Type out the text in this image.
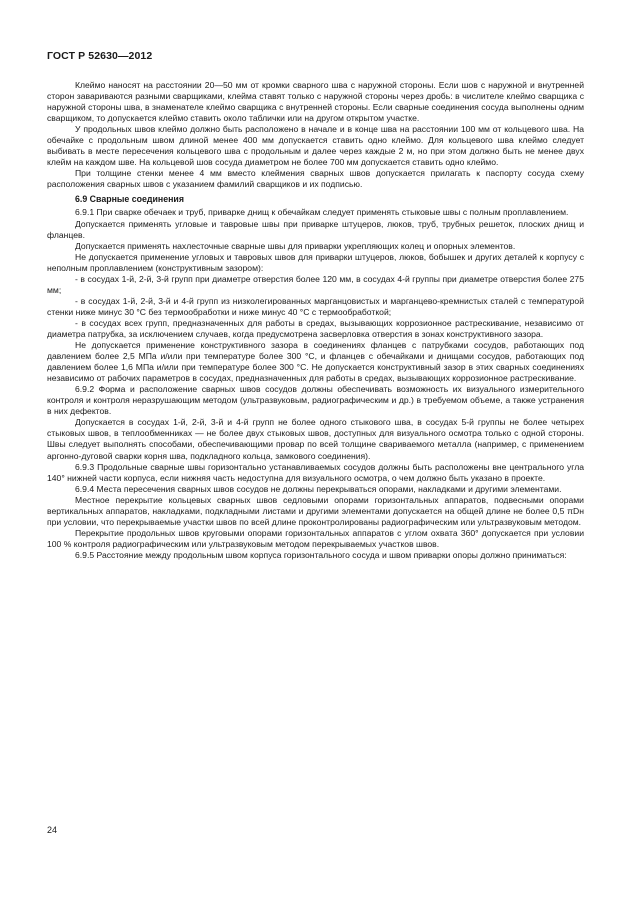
ГОСТ Р 52630—2012

Клеймо наносят на расстоянии 20—50 мм от кромки сварного шва с наружной стороны. Если шов с наружной и внутренней сторон завариваются разными сварщиками, клейма ставят только с наружной стороны через дробь: в числителе клеймо сварщика с наружной стороны шва, в знаменателе клеймо сварщика с внутренней стороны. Если сварные соединения сосуда выполнены одним сварщиком, то допускается клеймо ставить около таблички или на другом открытом участке.

У продольных швов клеймо должно быть расположено в начале и в конце шва на расстоянии 100 мм от кольцевого шва. На обечайке с продольным швом длиной менее 400 мм допускается ставить одно клеймо. Для кольцевого шва клеймо следует выбивать в месте пересечения кольцевого шва с продольным и далее через каждые 2 м, но при этом должно быть не менее двух клейм на каждом шве. На кольцевой шов сосуда диаметром не более 700 мм допускается ставить одно клеймо.

При толщине стенки менее 4 мм вместо клеймения сварных швов допускается прилагать к паспорту сосуда схему расположения сварных швов с указанием фамилий сварщиков и их подписью.

6.9 Сварные соединения

6.9.1 При сварке обечаек и труб, приварке днищ к обечайкам следует применять стыковые швы с полным проплавлением.

Допускается применять угловые и тавровые швы при приварке штуцеров, люков, труб, трубных решеток, плоских днищ и фланцев.

Допускается применять нахлесточные сварные швы для приварки укрепляющих колец и опорных элементов.

Не допускается применение угловых и тавровых швов для приварки штуцеров, люков, бобышек и других деталей к корпусу с неполным проплавлением (конструктивным зазором):

- в сосудах 1-й, 2-й, 3-й групп при диаметре отверстия более 120 мм, в сосудах 4-й группы при диаметре отверстия более 275 мм;

- в сосудах 1-й, 2-й, 3-й и 4-й групп из низколегированных марганцовистых и марганцево-кремнистых сталей с температурой стенки ниже минус 30 °С без термообработки и ниже минус 40 °С с термообработкой;

- в сосудах всех групп, предназначенных для работы в средах, вызывающих коррозионное растрескивание, независимо от диаметра патрубка, за исключением случаев, когда предусмотрена засверловка отверстия в зонах конструктивного зазора.

Не допускается применение конструктивного зазора в соединениях фланцев с патрубками сосудов, работающих под давлением более 2,5 МПа и/или при температуре более 300 °С, и фланцев с обечайками и днищами сосудов, работающих под давлением более 1,6 МПа и/или при температуре более 300 °С. Не допускается конструктивный зазор в этих сварных соединениях независимо от рабочих параметров в сосудах, предназначенных для работы в средах, вызывающих коррозионное растрескивание.

6.9.2 Форма и расположение сварных швов сосудов должны обеспечивать возможность их визуального измерительного контроля и контроля неразрушающим методом (ультразвуковым, радиографическим и др.) в требуемом объеме, а также устранения в них дефектов.

Допускается в сосудах 1-й, 2-й, 3-й и 4-й групп не более одного стыкового шва, в сосудах 5-й группы не более четырех стыковых швов, в теплообменниках — не более двух стыковых швов, доступных для визуального осмотра только с одной стороны. Швы следует выполнять способами, обеспечивающими провар по всей толщине свариваемого металла (например, с применением аргонно-дуговой сварки корня шва, подкладного кольца, замкового соединения).

6.9.3 Продольные сварные швы горизонтально устанавливаемых сосудов должны быть расположены вне центрального угла 140° нижней части корпуса, если нижняя часть недоступна для визуального осмотра, о чем должно быть указано в проекте.

6.9.4 Места пересечения сварных швов сосудов не должны перекрываться опорами, накладками и другими элементами.

Местное перекрытие кольцевых сварных швов седловыми опорами горизонтальных аппаратов, подвесными опорами вертикальных аппаратов, накладками, подкладными листами и другими элементами допускается на общей длине не более 0,5 πDн при условии, что перекрываемые участки швов по всей длине проконтролированы радиографическим или ультразвуковым методом.

Перекрытие продольных швов круговыми опорами горизонтальных аппаратов с углом охвата 360° допускается при условии 100 % контроля радиографическим или ультразвуковым методом перекрываемых участков швов.

6.9.5 Расстояние между продольным швом корпуса горизонтального сосуда и швом приварки опоры должно приниматься:

24
